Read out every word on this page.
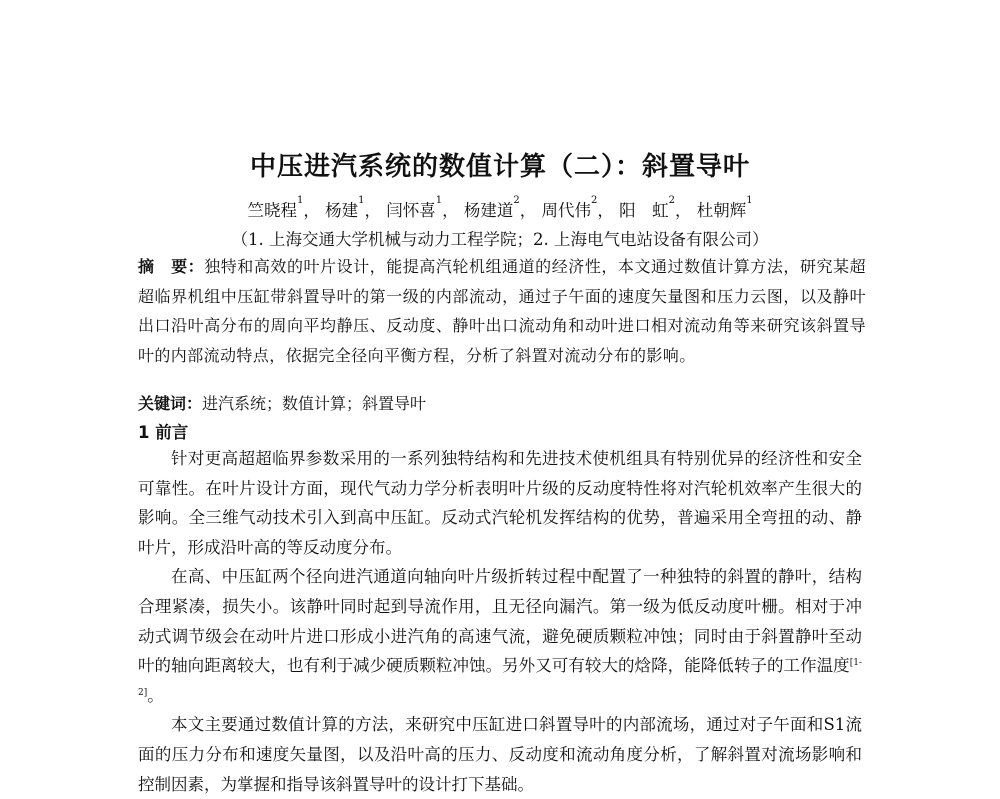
中压进汽系统的数值计算（二）：斜置导叶
竺晓程$^1$， 杨建$^1$， 闫怀喜$^1$， 杨建道$^2$， 周代伟$^2$， 阳　虹$^2$， 杜朝辉$^1$
（1. 上海交通大学机械与动力工程学院；2. 上海电气电站设备有限公司）
摘　要：独特和高效的叶片设计，能提高汽轮机组通道的经济性，本文通过数值计算方法，研究某超超临界机组中压缸带斜置导叶的第一级的内部流动，通过子午面的速度矢量图和压力云图，以及静叶出口沿叶高分布的周向平均静压、反动度、静叶出口流动角和动叶进口相对流动角等来研究该斜置导叶的内部流动特点，依据完全径向平衡方程，分析了斜置对流动分布的影响。
关键词：进汽系统；数值计算；斜置导叶
1 前言

针对更高超超临界参数采用的一系列独特结构和先进技术使机组具有特别优异的经济性和安全可靠性。在叶片设计方面，现代气动力学分析表明叶片级的反动度特性将对汽轮机效率产生很大的影响。全三维气动技术引入到高中压缸。反动式汽轮机发挥结构的优势，普遍采用全弯扭的动、静叶片，形成沿叶高的等反动度分布。

在高、中压缸两个径向进汽通道向轴向叶片级折转过程中配置了一种独特的斜置的静叶，结构合理紧凑，损失小。该静叶同时起到导流作用，且无径向漏汽。第一级为低反动度叶栅。相对于冲动式调节级会在动叶片进口形成小进汽角的高速气流，避免硬质颗粒冲蚀；同时由于斜置静叶至动叶的轴向距离较大，也有利于减少硬质颗粒冲蚀。另外又可有较大的焓降，能降低转子的工作温度[1-2]。

本文主要通过数值计算的方法，来研究中压缸进口斜置导叶的内部流场，通过对子午面和S1流面的压力分布和速度矢量图，以及沿叶高的压力、反动度和流动角度分析，了解斜置对流场影响和控制因素，为掌握和指导该斜置导叶的设计打下基础。
